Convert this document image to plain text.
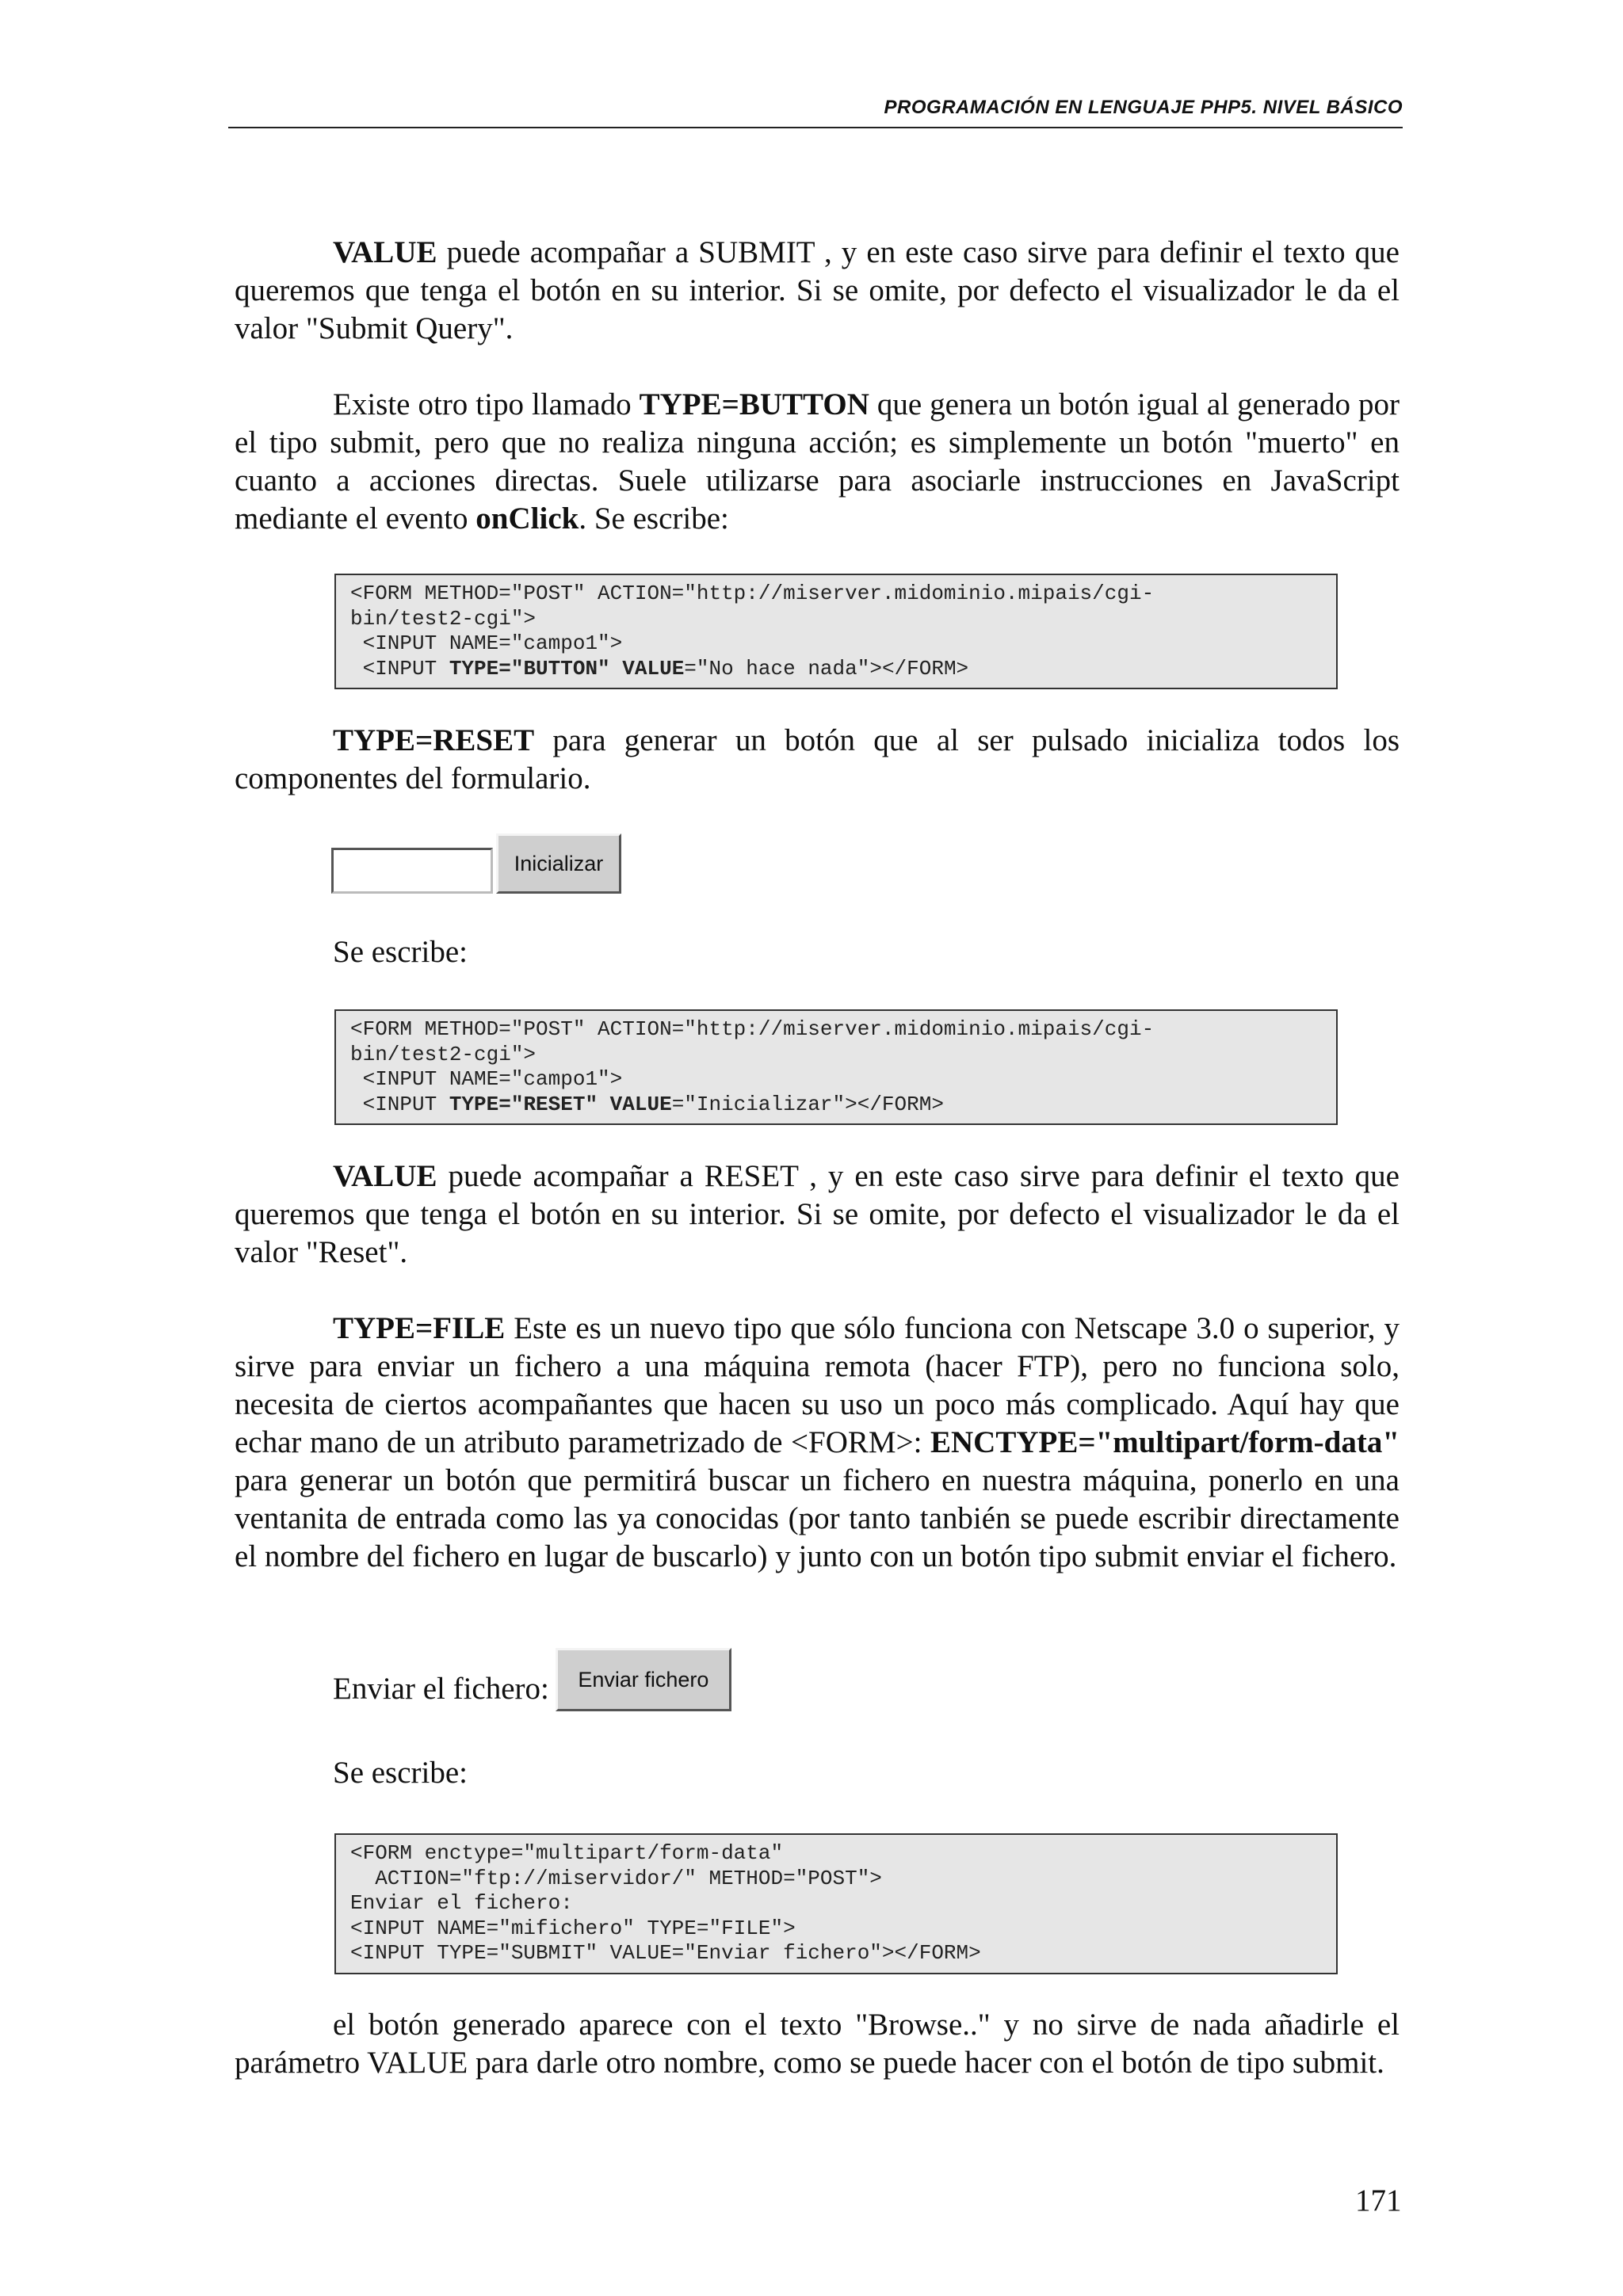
PROGRAMACIÓN EN LENGUAJE PHP5. NIVEL BÁSICO

VALUE puede acompañar a SUBMIT , y en este caso sirve para definir el texto que queremos que tenga el botón en su interior. Si se omite, por defecto el visualizador le da el valor "Submit Query".

Existe otro tipo llamado TYPE=BUTTON que genera un botón igual al generado por el tipo submit, pero que no realiza ninguna acción; es simplemente un botón "muerto" en cuanto a acciones directas. Suele utilizarse para asociarle instrucciones en JavaScript mediante el evento onClick. Se escribe:

<FORM METHOD="POST" ACTION="http://miserver.midominio.mipais/cgi-
bin/test2-cgi">
<INPUT NAME="campo1">
<INPUT TYPE="BUTTON" VALUE="No hace nada"></FORM>

TYPE=RESET para generar un botón que al ser pulsado inicializa todos los componentes del formulario.

Inicializar
Se escribe:
<FORM METHOD="POST" ACTION="http://miserver.midominio.mipais/cgi-
bin/test2-cgi">
<INPUT NAME="campo1">
<INPUT TYPE="RESET" VALUE="Inicializar"></FORM>

VALUE puede acompañar a RESET , y en este caso sirve para definir el texto que queremos que tenga el botón en su interior. Si se omite, por defecto el visualizador le da el valor "Reset".

TYPE=FILE Este es un nuevo tipo que sólo funciona con Netscape 3.0 o superior, y sirve para enviar un fichero a una máquina remota (hacer FTP), pero no funciona solo, necesita de ciertos acompañantes que hacen su uso un poco más complicado. Aquí hay que echar mano de un atributo parametrizado de <FORM>: ENCTYPE="multipart/form-data" para generar un botón que permitirá buscar un fichero en nuestra máquina, ponerlo en una ventanita de entrada como las ya conocidas (por tanto tanbién se puede escribir directamente el nombre del fichero en lugar de buscarlo) y junto con un botón tipo submit enviar el fichero.

Enviar el fichero:	Enviar fichero
Se escribe:
<FORM enctype="multipart/form-data"
ACTION="ftp://miservidor/" METHOD="POST">
Enviar el fichero:
<INPUT NAME="mifichero" TYPE="FILE">
<INPUT TYPE="SUBMIT" VALUE="Enviar fichero"></FORM>

el botón generado aparece con el texto "Browse.." y no sirve de nada añadirle el parámetro VALUE para darle otro nombre, como se puede hacer con el botón de tipo submit.

171
